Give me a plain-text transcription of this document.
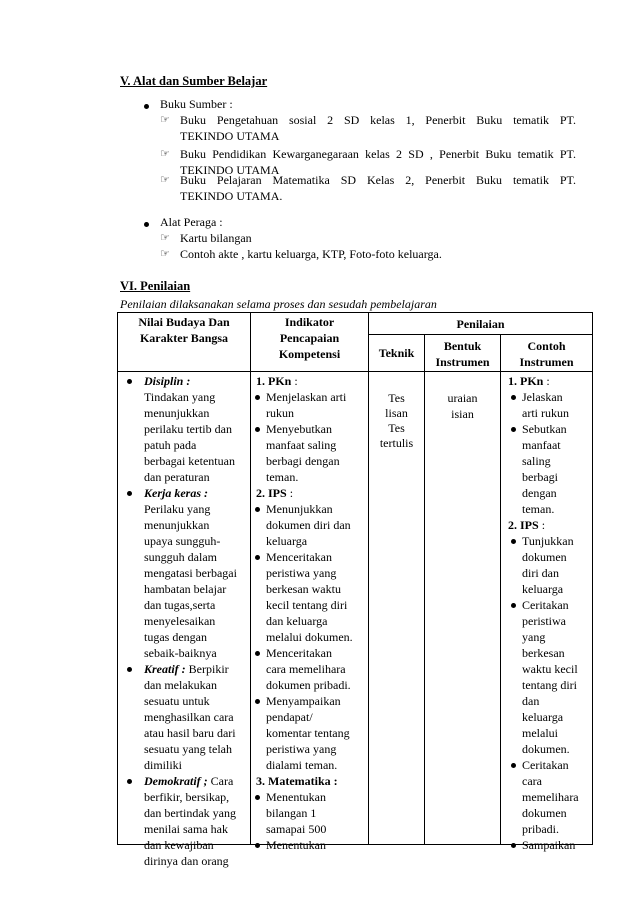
V. Alat dan Sumber Belajar
Buku Sumber :
☞ Buku Pengetahuan sosial 2 SD kelas 1, Penerbit Buku tematik PT.
TEKINDO UTAMA
☞ Buku Pendidikan Kewarganegaraan kelas 2 SD , Penerbit Buku tematik PT.
TEKINDO UTAMA
☞ Buku Pelajaran Matematika SD Kelas 2, Penerbit Buku tematik PT.
TEKINDO UTAMA.
Alat Peraga :
☞ Kartu bilangan
☞ Contoh akte , kartu keluarga, KTP, Foto-foto keluarga.
VI. Penilaian
Penilaian dilaksanakan selama proses dan sesudah pembelajaran
Nilai Budaya Dan
Karakter Bangsa
Indikator
Pencapaian
Kompetensi
Penilaian
Teknik	Bentuk
Instrumen
Contoh
Instrumen
Disiplin :
Tindakan yang
menunjukkan
perilaku tertib dan
patuh pada
berbagai ketentuan
dan peraturan
Kerja keras :
Perilaku yang
menunjukkan
upaya sungguh-
sungguh dalam
mengatasi berbagai
hambatan belajar
dan tugas,serta
menyelesaikan
tugas dengan
sebaik-baiknya
Kreatif : Berpikir
dan melakukan
sesuatu untuk
menghasilkan cara
atau hasil baru dari
sesuatu yang telah
dimiliki
Demokratif ; Cara
berfikir, bersikap,
dan bertindak yang
menilai sama hak
dan kewajiban
dirinya dan orang
1. PKn :
Menjelaskan arti
rukun
Menyebutkan
manfaat saling
berbagi dengan
teman.
2. IPS :
Menunjukkan
dokumen diri dan
keluarga
Menceritakan
peristiwa yang
berkesan waktu
kecil tentang diri
dan keluarga
melalui dokumen.
Menceritakan
cara memelihara
dokumen pribadi.
Menyampaikan
pendapat/
komentar tentang
peristiwa yang
dialami teman.
3. Matematika :
Menentukan
bilangan 1
samapai 500
Menentukan
Tes
lisan
Tes
tertulis
uraian
isian
1. PKn :
Jelaskan
arti rukun
Sebutkan
manfaat
saling
berbagi
dengan
teman.
2. IPS :
Tunjukkan
dokumen
diri dan
keluarga
Ceritakan
peristiwa
yang
berkesan
waktu kecil
tentang diri
dan
keluarga
melalui
dokumen.
Ceritakan
cara
memelihara
dokumen
pribadi.
Sampaikan
